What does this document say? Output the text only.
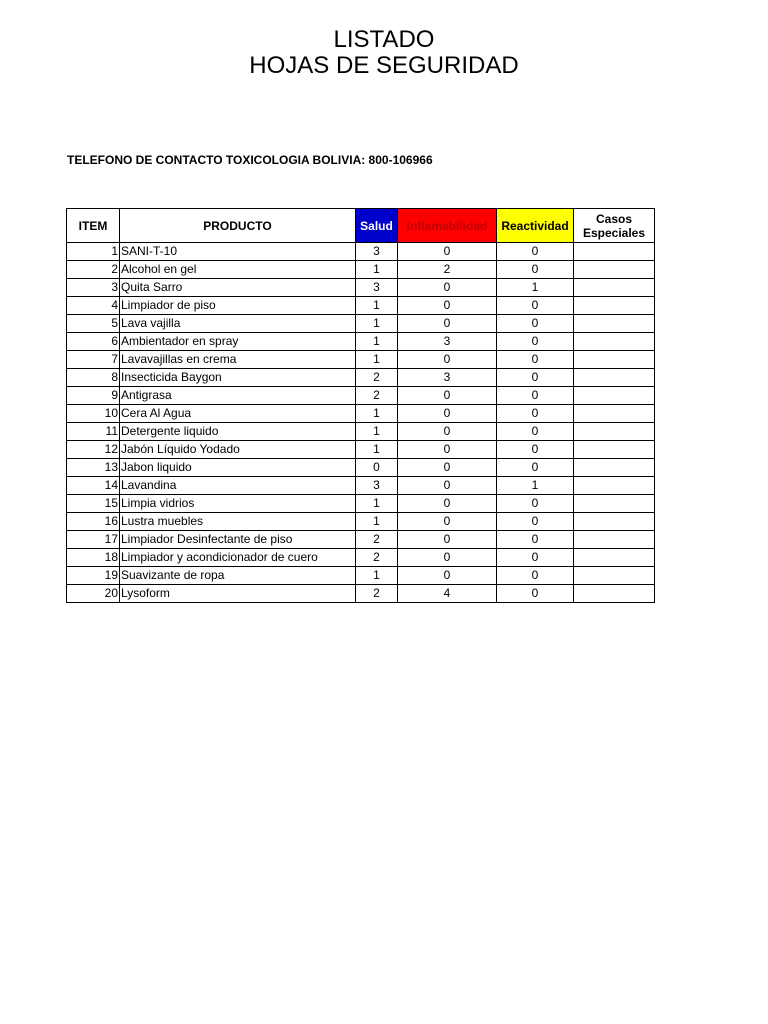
LISTADO
HOJAS DE SEGURIDAD
TELEFONO DE CONTACTO TOXICOLOGIA BOLIVIA: 800-106966
ITEM	PRODUCTO	Salud	Inflamabilidad	Reactividad	Casos
Especiales
1	SANI-T-10	3	0	0	
2	Alcohol en gel	1	2	0	
3	Quita Sarro	3	0	1	
4	Limpiador de piso	1	0	0	
5	Lava vajilla	1	0	0	
6	Ambientador en spray	1	3	0	
7	Lavavajillas en crema	1	0	0	
8	Insecticida Baygon	2	3	0	
9	Antigrasa	2	0	0	
10	Cera Al Agua	1	0	0	
11	Detergente liquido	1	0	0	
12	Jabón Líquido Yodado	1	0	0	
13	Jabon liquido	0	0	0	
14	Lavandina	3	0	1	
15	Limpia vidrios	1	0	0	
16	Lustra muebles	1	0	0	
17	Limpiador Desinfectante de piso	2	0	0	
18	Limpiador y acondicionador de cuero	2	0	0	
19	Suavizante de ropa	1	0	0	
20	Lysoform	2	4	0	
